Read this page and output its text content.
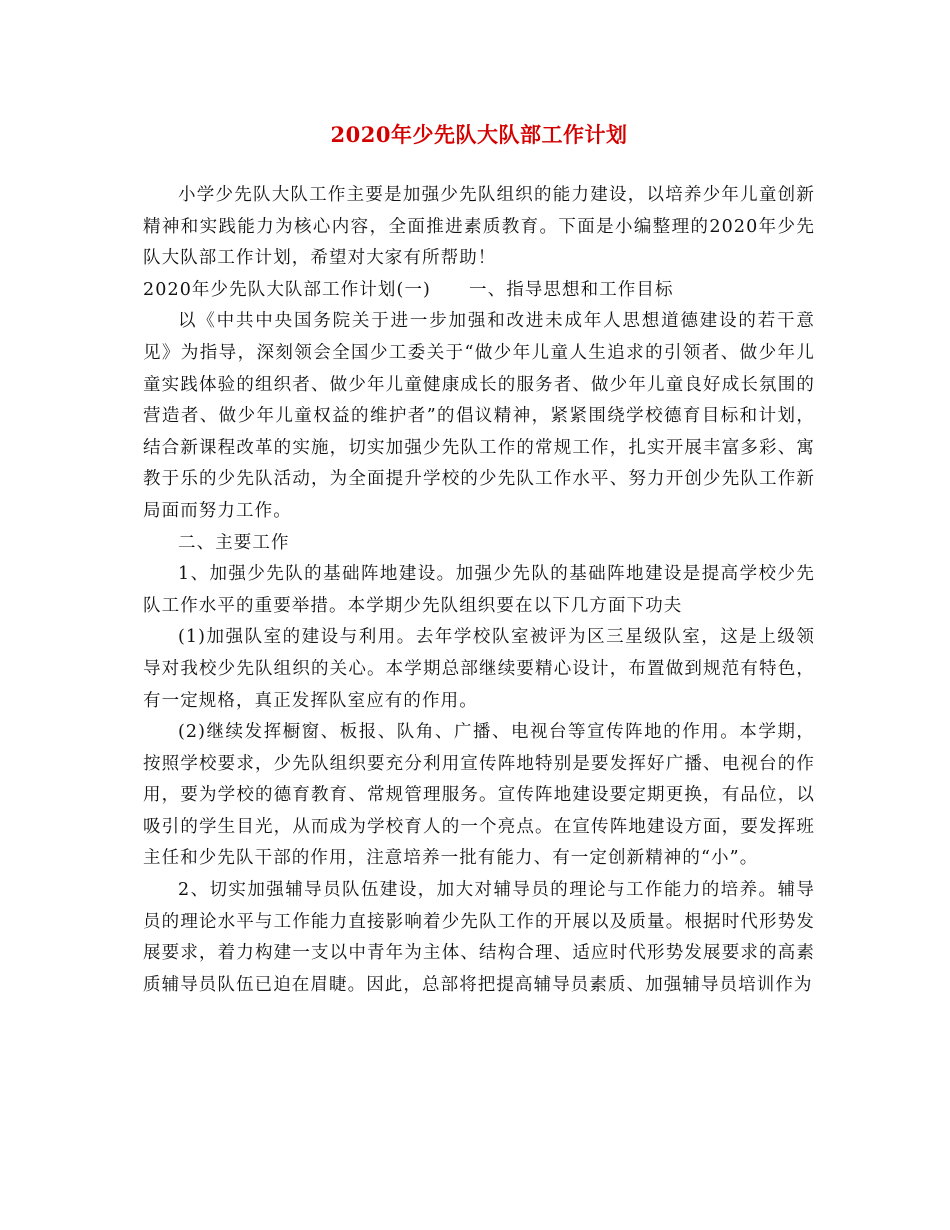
2020年少先队大队部工作计划

小学少先队大队工作主要是加强少先队组织的能力建设，以培养少年儿童创新精神和实践能力为核心内容，全面推进素质教育。下面是小编整理的2020年少先队大队部工作计划，希望对大家有所帮助！

2020年少先队大队部工作计划(一) 一、指导思想和工作目标

以《中共中央国务院关于进一步加强和改进未成年人思想道德建设的若干意见》为指导，深刻领会全国少工委关于“做少年儿童人生追求的引领者、做少年儿童实践体验的组织者、做少年儿童健康成长的服务者、做少年儿童良好成长氛围的营造者、做少年儿童权益的维护者”的倡议精神，紧紧围绕学校德育目标和计划，结合新课程改革的实施，切实加强少先队工作的常规工作，扎实开展丰富多彩、寓教于乐的少先队活动，为全面提升学校的少先队工作水平、努力开创少先队工作新局面而努力工作。

二、主要工作

1、加强少先队的基础阵地建设。加强少先队的基础阵地建设是提高学校少先队工作水平的重要举措。本学期少先队组织要在以下几方面下功夫

(1)加强队室的建设与利用。去年学校队室被评为区三星级队室，这是上级领导对我校少先队组织的关心。本学期总部继续要精心设计，布置做到规范有特色，有一定规格，真正发挥队室应有的作用。

(2)继续发挥橱窗、板报、队角、广播、电视台等宣传阵地的作用。本学期，按照学校要求，少先队组织要充分利用宣传阵地特别是要发挥好广播、电视台的作用，要为学校的德育教育、常规管理服务。宣传阵地建设要定期更换，有品位，以吸引的学生目光，从而成为学校育人的一个亮点。在宣传阵地建设方面，要发挥班主任和少先队干部的作用，注意培养一批有能力、有一定创新精神的“小”。

2、切实加强辅导员队伍建设，加大对辅导员的理论与工作能力的培养。辅导员的理论水平与工作能力直接影响着少先队工作的开展以及质量。根据时代形势发展要求，着力构建一支以中青年为主体、结构合理、适应时代形势发展要求的高素质辅导员队伍已迫在眉睫。因此，总部将把提高辅导员素质、加强辅导员培训作为
